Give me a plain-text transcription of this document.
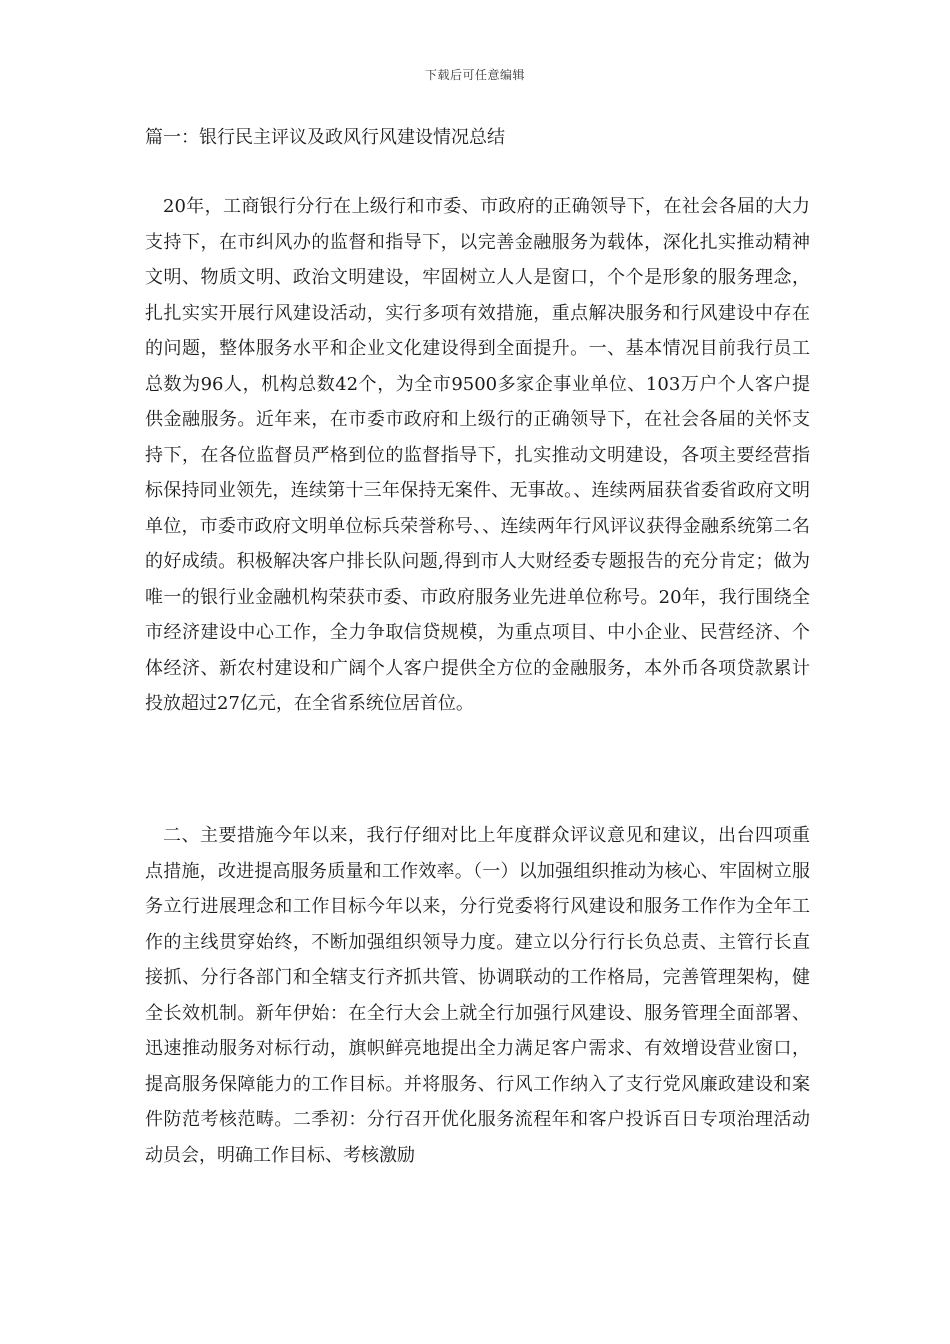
下载后可任意编辑
篇一：银行民主评议及政风行风建设情况总结

20年，工商银行分行在上级行和市委、市政府的正确领导下，在社会各届的大力支持下，在市纠风办的监督和指导下，以完善金融服务为载体，深化扎实推动精神文明、物质文明、政治文明建设，牢固树立人人是窗口，个个是形象的服务理念，扎扎实实开展行风建设活动，实行多项有效措施，重点解决服务和行风建设中存在的问题，整体服务水平和企业文化建设得到全面提升。一、基本情况目前我行员工总数为96人，机构总数42个，为全市9500多家企事业单位、103万户个人客户提供金融服务。近年来，在市委市政府和上级行的正确领导下，在社会各届的关怀支持下，在各位监督员严格到位的监督指导下，扎实推动文明建设，各项主要经营指标保持同业领先，连续第十三年保持无案件、无事故。、连续两届获省委省政府文明单位，市委市政府文明单位标兵荣誉称号、、连续两年行风评议获得金融系统第二名的好成绩。积极解决客户排长队问题,得到市人大财经委专题报告的充分肯定；做为唯一的银行业金融机构荣获市委、市政府服务业先进单位称号。20年，我行围绕全市经济建设中心工作，全力争取信贷规模，为重点项目、中小企业、民营经济、个体经济、新农村建设和广阔个人客户提供全方位的金融服务，本外币各项贷款累计投放超过27亿元，在全省系统位居首位。

二、主要措施今年以来，我行仔细对比上年度群众评议意见和建议，出台四项重点措施，改进提高服务质量和工作效率。（一）以加强组织推动为核心、牢固树立服务立行进展理念和工作目标今年以来，分行党委将行风建设和服务工作作为全年工作的主线贯穿始终，不断加强组织领导力度。建立以分行行长负总责、主管行长直接抓、分行各部门和全辖支行齐抓共管、协调联动的工作格局，完善管理架构，健全长效机制。新年伊始：在全行大会上就全行加强行风建设、服务管理全面部署、迅速推动服务对标行动，旗帜鲜亮地提出全力满足客户需求、有效增设营业窗口，提高服务保障能力的工作目标。并将服务、行风工作纳入了支行党风廉政建设和案件防范考核范畴。二季初：分行召开优化服务流程年和客户投诉百日专项治理活动动员会，明确工作目标、考核激励
